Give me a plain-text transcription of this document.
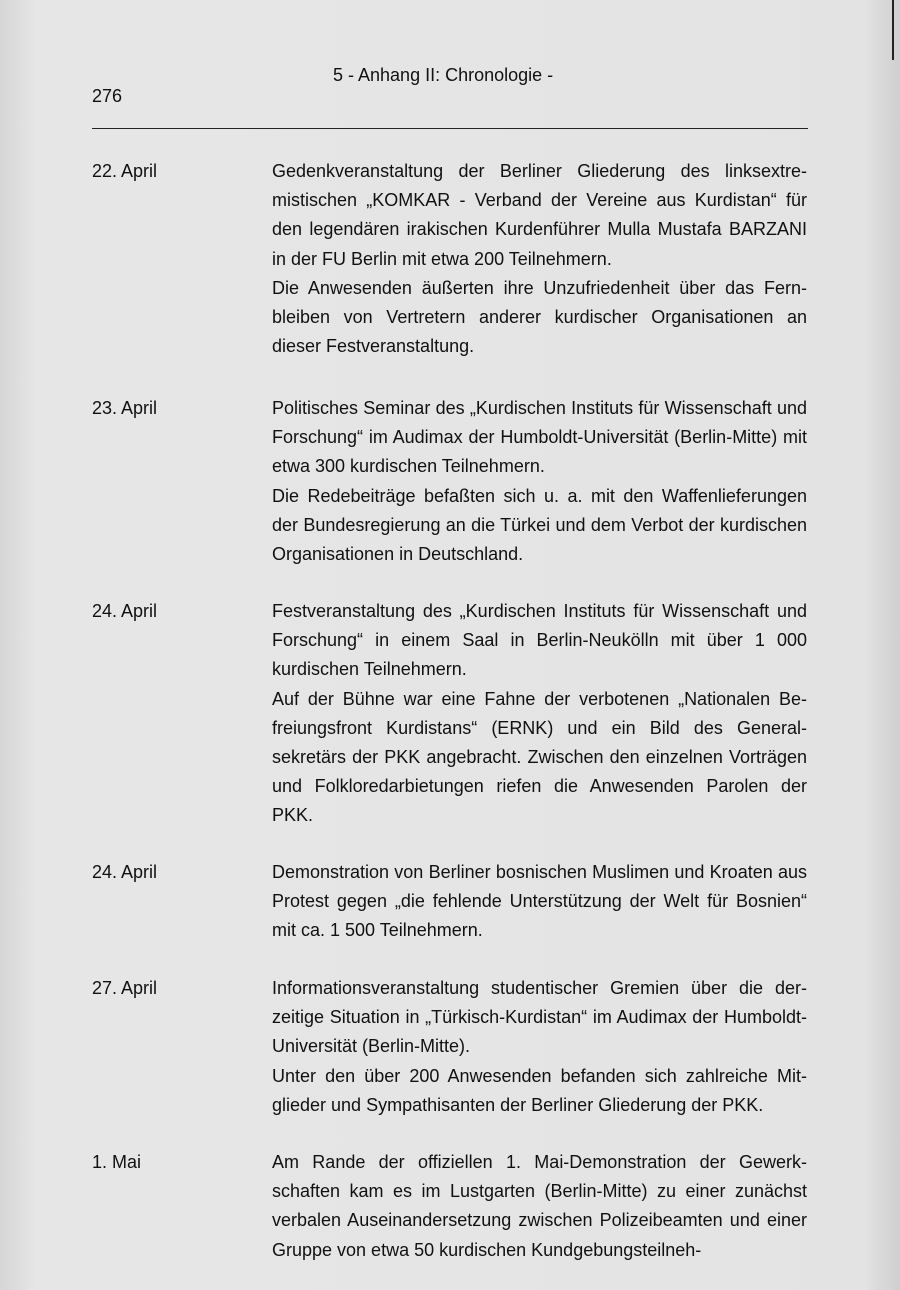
276
5 - Anhang II: Chronologie -
22. April	Gedenkveranstaltung der Berliner Gliederung des linksextremistischen „KOMKAR - Verband der Vereine aus Kurdistan“ für den legendären irakischen Kurdenführer Mulla Mustafa BARZANI in der FU Berlin mit etwa 200 Teilnehmern.

Die Anwesenden äußerten ihre Unzufriedenheit über das Fernbleiben von Vertretern anderer kurdischer Organisationen an dieser Festveranstaltung.

23. April	Politisches Seminar des „Kurdischen Instituts für Wissenschaft und Forschung“ im Audimax der Humboldt-Universität (Berlin-Mitte) mit etwa 300 kurdischen Teilnehmern.

Die Redebeiträge befaßten sich u. a. mit den Waffenlieferungen der Bundesregierung an die Türkei und dem Verbot der kurdischen Organisationen in Deutschland.

24. April	Festveranstaltung des „Kurdischen Instituts für Wissenschaft und Forschung“ in einem Saal in Berlin-Neukölln mit über 1 000 kurdischen Teilnehmern.

Auf der Bühne war eine Fahne der verbotenen „Nationalen Befreiungsfront Kurdistans“ (ERNK) und ein Bild des Generalsekretärs der PKK angebracht. Zwischen den einzelnen Vorträgen und Folkloredarbietungen riefen die Anwesenden Parolen der PKK.

24. April	Demonstration von Berliner bosnischen Muslimen und Kroaten aus Protest gegen „die fehlende Unterstützung der Welt für Bosnien“ mit ca. 1 500 Teilnehmern.

27. April	Informationsveranstaltung studentischer Gremien über die derzeitige Situation in „Türkisch-Kurdistan“ im Audimax der Humboldt-Universität (Berlin-Mitte).

Unter den über 200 Anwesenden befanden sich zahlreiche Mitglieder und Sympathisanten der Berliner Gliederung der PKK.

1. Mai	Am Rande der offiziellen 1. Mai-Demonstration der Gewerkschaften kam es im Lustgarten (Berlin-Mitte) zu einer zunächst verbalen Auseinandersetzung zwischen Polizeibeamten und einer Gruppe von etwa 50 kurdischen Kundgebungsteilneh-
